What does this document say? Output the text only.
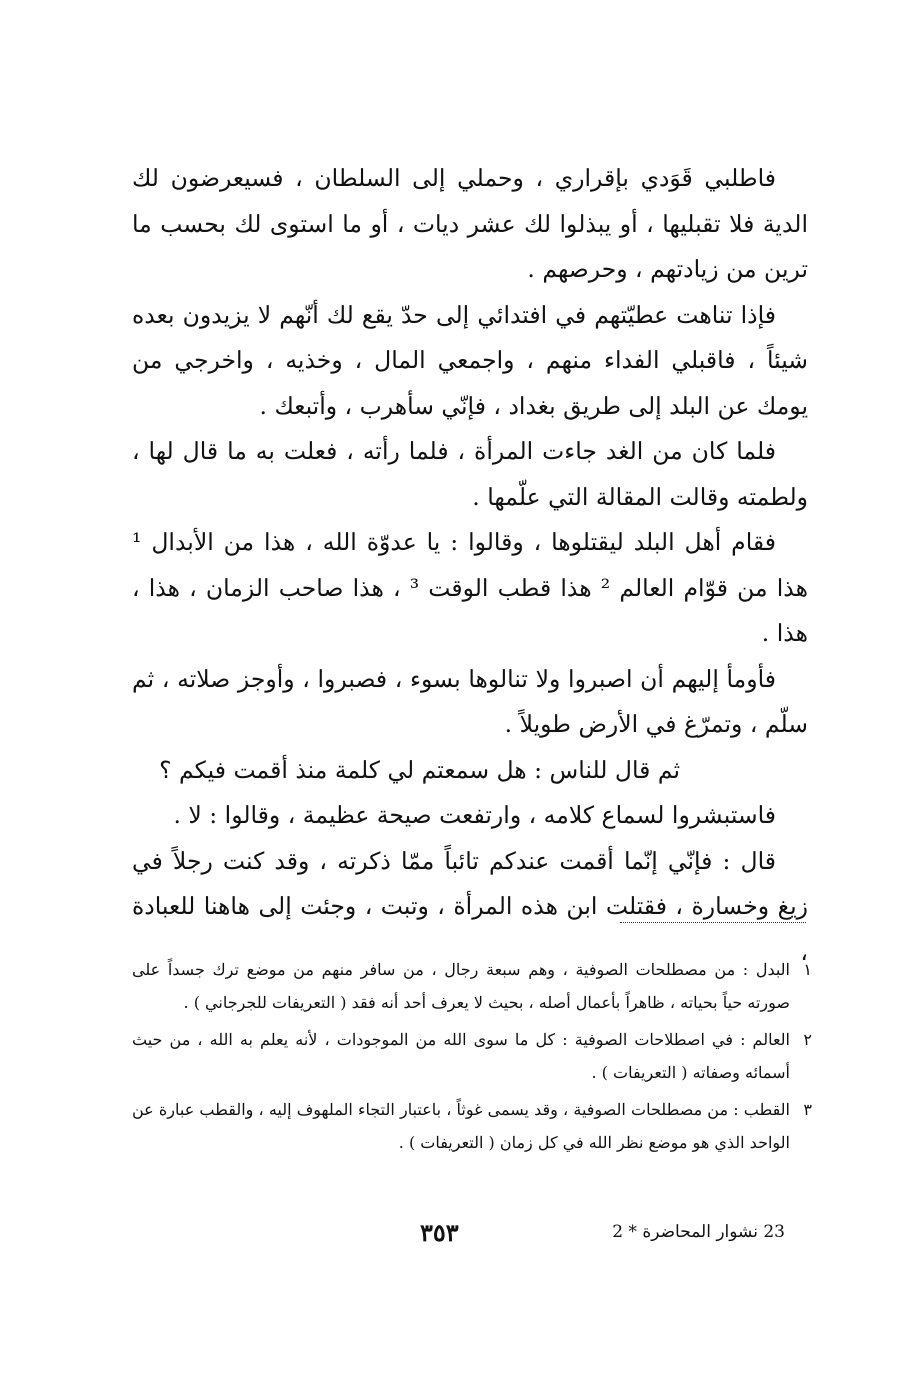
فاطلبي قَوَدي بإقراري ، وحملي إلى السلطان ، فسيعرضون لك الدية فلا تقبليها ، أو يبذلوا لك عشر ديات ، أو ما استوى لك بحسب ما ترين من زيادتهم ، وحرصهم .

فإذا تناهت عطيّتهم في افتدائي إلى حدّ يقع لك أنّهم لا يزيدون بعده شيئاً ، فاقبلي الفداء منهم ، واجمعي المال ، وخذيه ، واخرجي من يومك عن البلد إلى طريق بغداد ، فإنّي سأهرب ، وأتبعك .

فلما كان من الغد جاءت المرأة ، فلما رأته ، فعلت به ما قال لها ، ولطمته وقالت المقالة التي علّمها .

فقام أهل البلد ليقتلوها ، وقالوا : يا عدوّة الله ، هذا من الأبدال ¹ هذا من قوّام العالم ² هذا قطب الوقت ³ ، هذا صاحب الزمان ، هذا ، هذا .

فأومأ إليهم أن اصبروا ولا تنالوها بسوء ، فصبروا ، وأوجز صلاته ، ثم سلّم ، وتمرّغ في الأرض طويلاً .

ثم قال للناس : هل سمعتم لي كلمة منذ أقمت فيكم ؟

فاستبشروا لسماع كلامه ، وارتفعت صيحة عظيمة ، وقالوا : لا .

قال : فإنّي إنّما أقمت عندكم تائباً ممّا ذكرته ، وقد كنت رجلاً في زيغ وخسارة ، فقتلت ابن هذه المرأة ، وتبت ، وجئت إلى هاهنا للعبادة ،

١
البدل : من مصطلحات الصوفية ، وهم سبعة رجال ، من سافر منهم من موضع ترك جسداً على صورته حياً بحياته ، ظاهراً بأعمال أصله ، بحيث لا يعرف أحد أنه فقد ( التعريفات للجرجاني ) .
٢
العالم : في اصطلاحات الصوفية : كل ما سوى الله من الموجودات ، لأنه يعلم به الله ، من حيث أسمائه وصفاته ( التعريفات ) .
٣
القطب : من مصطلحات الصوفية ، وقد يسمى غوثاً ، باعتبار التجاء الملهوف إليه ، والقطب عبارة عن الواحد الذي هو موضع نظر الله في كل زمان ( التعريفات ) .
٣٥٣	23 نشوار المحاضرة * 2
